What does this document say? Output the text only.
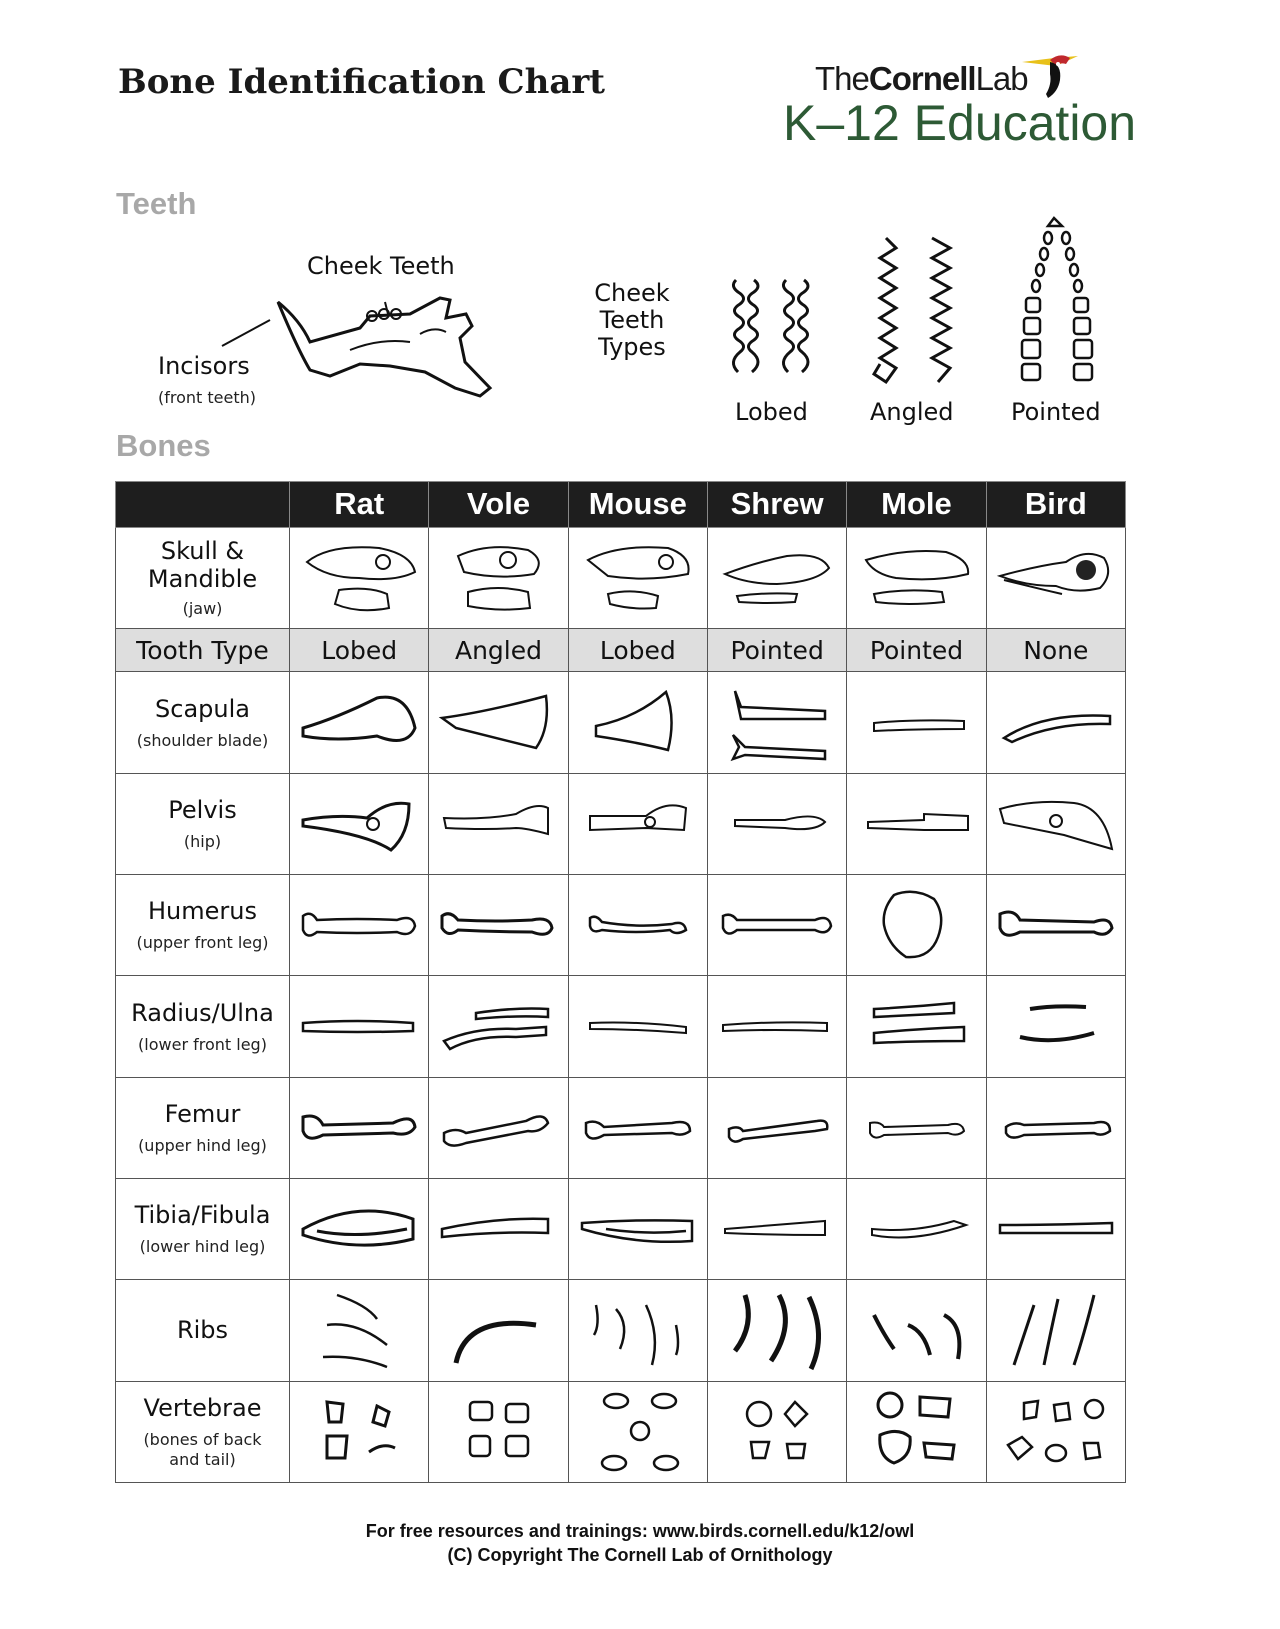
Bone Identification Chart	TheCornellLab
K–12 Education
Teeth
Cheek Teeth
Incisors
(front teeth)
Cheek
Teeth
Types
Lobed	Angled Pointed
Bones
	Rat	Vole	Mouse	Shrew	Mole	Bird

Skull &
Mandible
(jaw)

Tooth Type	Lobed	Angled	Lobed	Pointed	Pointed	None

Scapula
(shoulder blade)

Pelvis
(hip)

Humerus
(upper front leg)

Radius/Ulna
(lower front leg)

Femur
(upper hind leg)

Tibia/Fibula
(lower hind leg)

Ribs

Vertebrae
(bones of back
and tail)

For free resources and trainings: www.birds.cornell.edu/k12/owl
(C) Copyright The Cornell Lab of Ornithology
